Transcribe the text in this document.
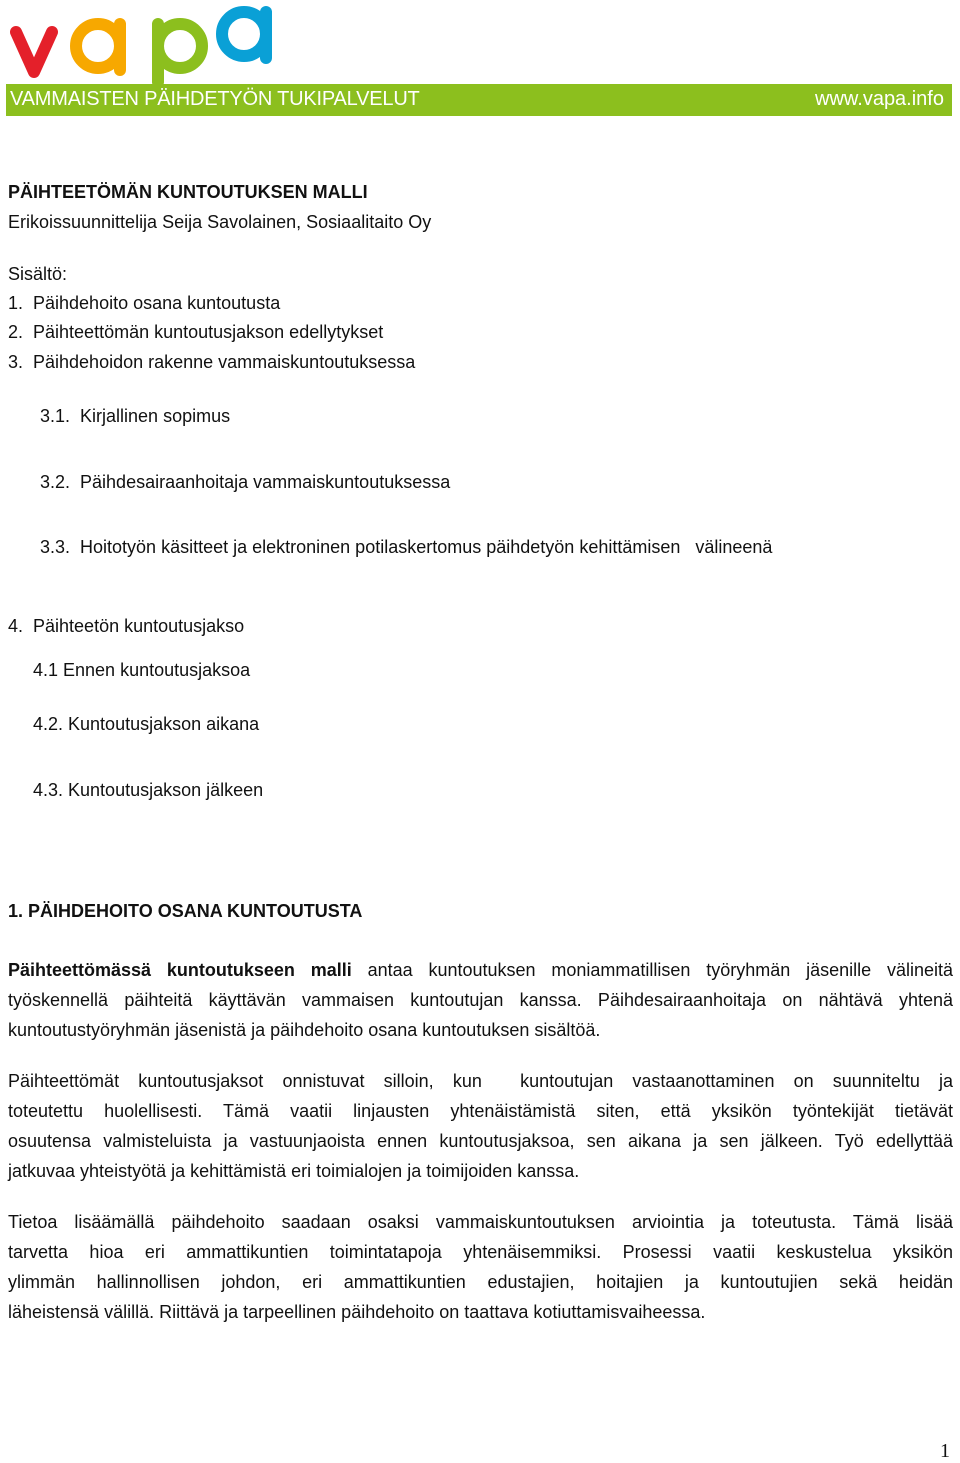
VAMMAISTEN PÄIHDETYÖN TUKIPALVELUT	www.vapa.info
PÄIHTEETÖMÄN KUNTOUTUKSEN MALLI
Erikoissuunnittelija Seija Savolainen, Sosiaalitaito Oy
Sisältö:
1.  Päihdehoito osana kuntoutusta
2.  Päihteettömän kuntoutusjakson edellytykset
3.  Päihdehoidon rakenne vammaiskuntoutuksessa
3.1.  Kirjallinen sopimus
3.2.  Päihdesairaanhoitaja vammaiskuntoutuksessa
3.3.  Hoitotyön käsitteet ja elektroninen potilaskertomus päihdetyön kehittämisen   välineenä
4.  Päihteetön kuntoutusjakso
4.1 Ennen kuntoutusjaksoa
4.2. Kuntoutusjakson aikana
4.3. Kuntoutusjakson jälkeen
1. PÄIHDEHOITO OSANA KUNTOUTUSTA
Päihteettömässä kuntoutukseen malli antaa kuntoutuksen moniammatillisen työryhmän jäsenille välineitä
työskennellä päihteitä käyttävän vammaisen kuntoutujan kanssa. Päihdesairaanhoitaja on nähtävä yhtenä
kuntoutustyöryhmän jäsenistä ja päihdehoito osana kuntoutuksen sisältöä.
Päihteettömät kuntoutusjaksot onnistuvat silloin, kun  kuntoutujan vastaanottaminen on suunniteltu ja
toteutettu huolellisesti. Tämä vaatii linjausten yhtenäistämistä siten, että yksikön työntekijät tietävät
osuutensa valmisteluista ja vastuunjaoista ennen kuntoutusjaksoa, sen aikana ja sen jälkeen. Työ edellyttää
jatkuvaa yhteistyötä ja kehittämistä eri toimialojen ja toimijoiden kanssa.
Tietoa lisäämällä päihdehoito saadaan osaksi vammaiskuntoutuksen arviointia ja toteutusta. Tämä lisää
tarvetta hioa eri ammattikuntien toimintatapoja yhtenäisemmiksi. Prosessi vaatii keskustelua yksikön
ylimmän hallinnollisen johdon, eri ammattikuntien edustajien, hoitajien ja kuntoutujien sekä heidän
läheistensä välillä. Riittävä ja tarpeellinen päihdehoito on taattava kotiuttamisvaiheessa.
1
